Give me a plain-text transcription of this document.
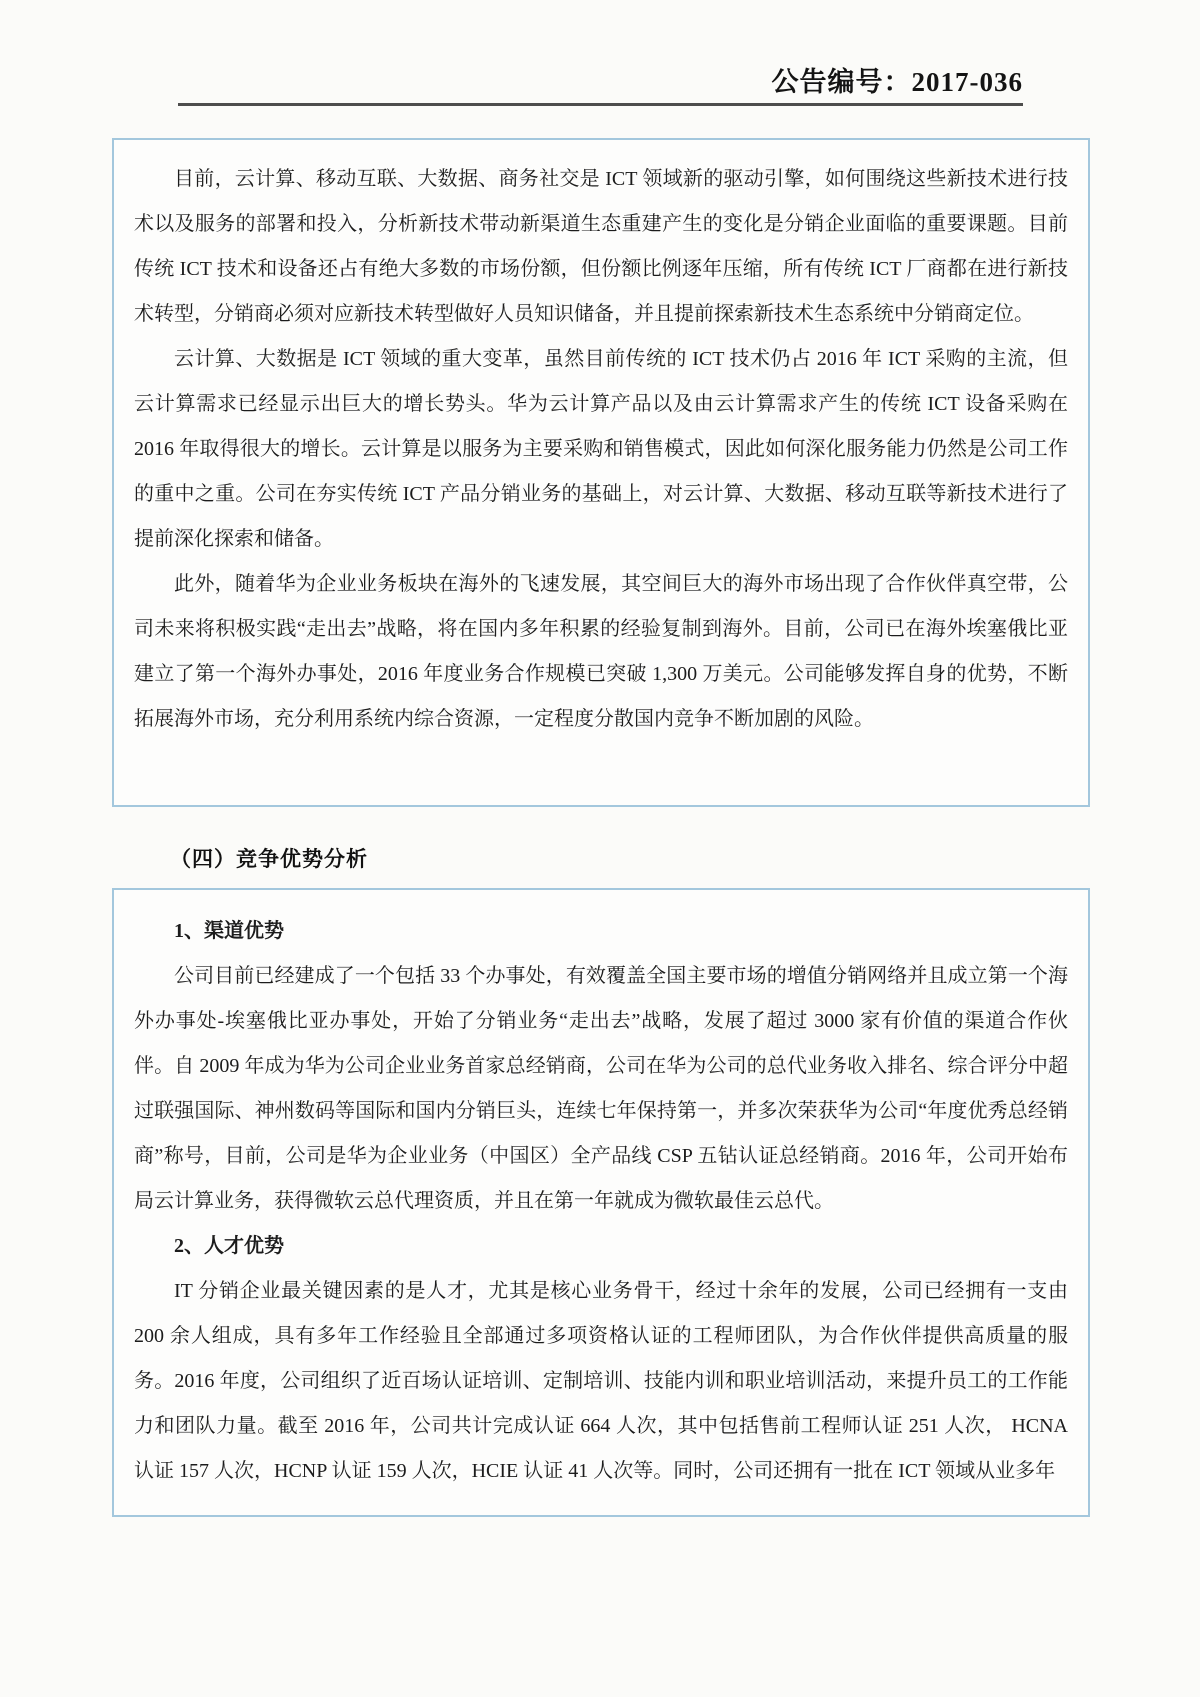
公告编号：2017-036

目前，云计算、移动互联、大数据、商务社交是 ICT 领域新的驱动引擎，如何围绕这些新技术进行技术以及服务的部署和投入，分析新技术带动新渠道生态重建产生的变化是分销企业面临的重要课题。目前传统 ICT 技术和设备还占有绝大多数的市场份额，但份额比例逐年压缩，所有传统 ICT 厂商都在进行新技术转型，分销商必须对应新技术转型做好人员知识储备，并且提前探索新技术生态系统中分销商定位。

云计算、大数据是 ICT 领域的重大变革，虽然目前传统的 ICT 技术仍占 2016 年 ICT 采购的主流，但云计算需求已经显示出巨大的增长势头。华为云计算产品以及由云计算需求产生的传统 ICT 设备采购在 2016 年取得很大的增长。云计算是以服务为主要采购和销售模式，因此如何深化服务能力仍然是公司工作的重中之重。公司在夯实传统 ICT 产品分销业务的基础上，对云计算、大数据、移动互联等新技术进行了提前深化探索和储备。

此外，随着华为企业业务板块在海外的飞速发展，其空间巨大的海外市场出现了合作伙伴真空带，公司未来将积极实践“走出去”战略，将在国内多年积累的经验复制到海外。目前，公司已在海外埃塞俄比亚建立了第一个海外办事处，2016 年度业务合作规模已突破 1,300 万美元。公司能够发挥自身的优势，不断拓展海外市场，充分利用系统内综合资源，一定程度分散国内竞争不断加剧的风险。

（四）竞争优势分析

1、渠道优势

公司目前已经建成了一个包括 33 个办事处，有效覆盖全国主要市场的增值分销网络并且成立第一个海外办事处-埃塞俄比亚办事处，开始了分销业务“走出去”战略，发展了超过 3000 家有价值的渠道合作伙伴。自 2009 年成为华为公司企业业务首家总经销商，公司在华为公司的总代业务收入排名、综合评分中超过联强国际、神州数码等国际和国内分销巨头，连续七年保持第一，并多次荣获华为公司“年度优秀总经销商”称号，目前，公司是华为企业业务（中国区）全产品线 CSP 五钻认证总经销商。2016 年，公司开始布局云计算业务，获得微软云总代理资质，并且在第一年就成为微软最佳云总代。

2、人才优势

IT 分销企业最关键因素的是人才，尤其是核心业务骨干，经过十余年的发展，公司已经拥有一支由 200 余人组成，具有多年工作经验且全部通过多项资格认证的工程师团队，为合作伙伴提供高质量的服务。2016 年度，公司组织了近百场认证培训、定制培训、技能内训和职业培训活动，来提升员工的工作能力和团队力量。截至 2016 年，公司共计完成认证 664 人次，其中包括售前工程师认证 251 人次， HCNA 认证 157 人次，HCNP 认证 159 人次，HCIE 认证 41 人次等。同时，公司还拥有一批在 ICT 领域从业多年
